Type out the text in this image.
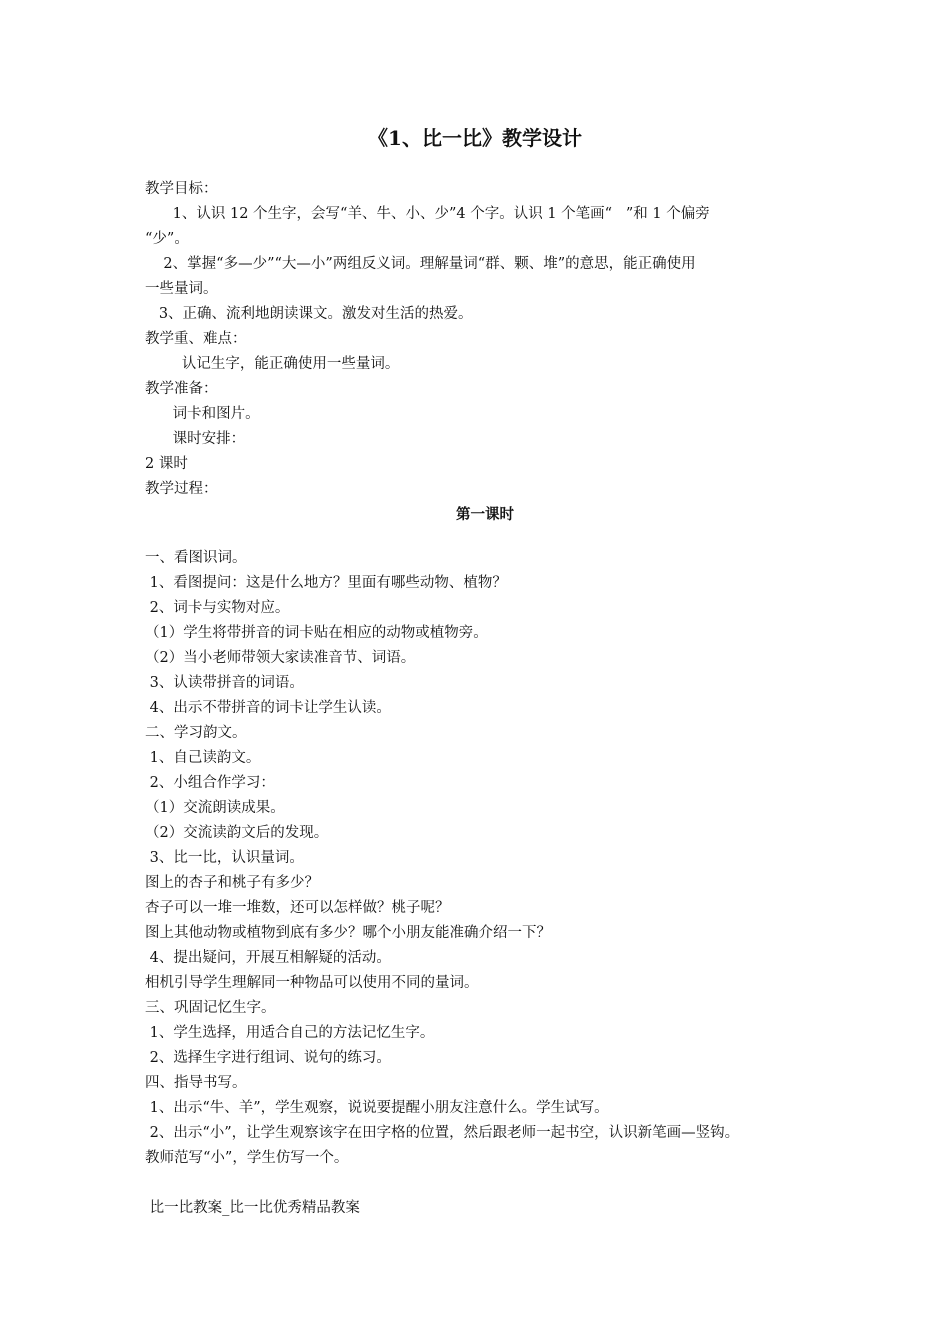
《1、比一比》教学设计
教学目标：
1、认识 12 个生字，会写“羊、牛、小、少”4 个字。认识 1 个笔画“   ”和 1 个偏旁
“少”。
2、掌握“多—少”“大—小”两组反义词。理解量词“群、颗、堆”的意思，能正确使用
一些量词。
3、正确、流利地朗读课文。激发对生活的热爱。
教学重、难点：
认记生字，能正确使用一些量词。
教学准备：
词卡和图片。
课时安排：
2 课时
教学过程：
第一课时
一、看图识词。
1、看图提问：这是什么地方？里面有哪些动物、植物？
2、词卡与实物对应。
（1）学生将带拼音的词卡贴在相应的动物或植物旁。
（2）当小老师带领大家读准音节、词语。
3、认读带拼音的词语。
4、出示不带拼音的词卡让学生认读。
二、学习韵文。
1、自己读韵文。
2、小组合作学习：
（1）交流朗读成果。
（2）交流读韵文后的发现。
3、比一比，认识量词。
图上的杏子和桃子有多少？
杏子可以一堆一堆数，还可以怎样做？桃子呢？
图上其他动物或植物到底有多少？哪个小朋友能准确介绍一下？
4、提出疑问，开展互相解疑的活动。
相机引导学生理解同一种物品可以使用不同的量词。
三、巩固记忆生字。
1、学生选择，用适合自己的方法记忆生字。
2、选择生字进行组词、说句的练习。
四、指导书写。
1、出示“牛、羊”，学生观察，说说要提醒小朋友注意什么。学生试写。
2、出示“小”，让学生观察该字在田字格的位置，然后跟老师一起书空，认识新笔画—竖钩。
教师范写“小”，学生仿写一个。
比一比教案_比一比优秀精品教案
